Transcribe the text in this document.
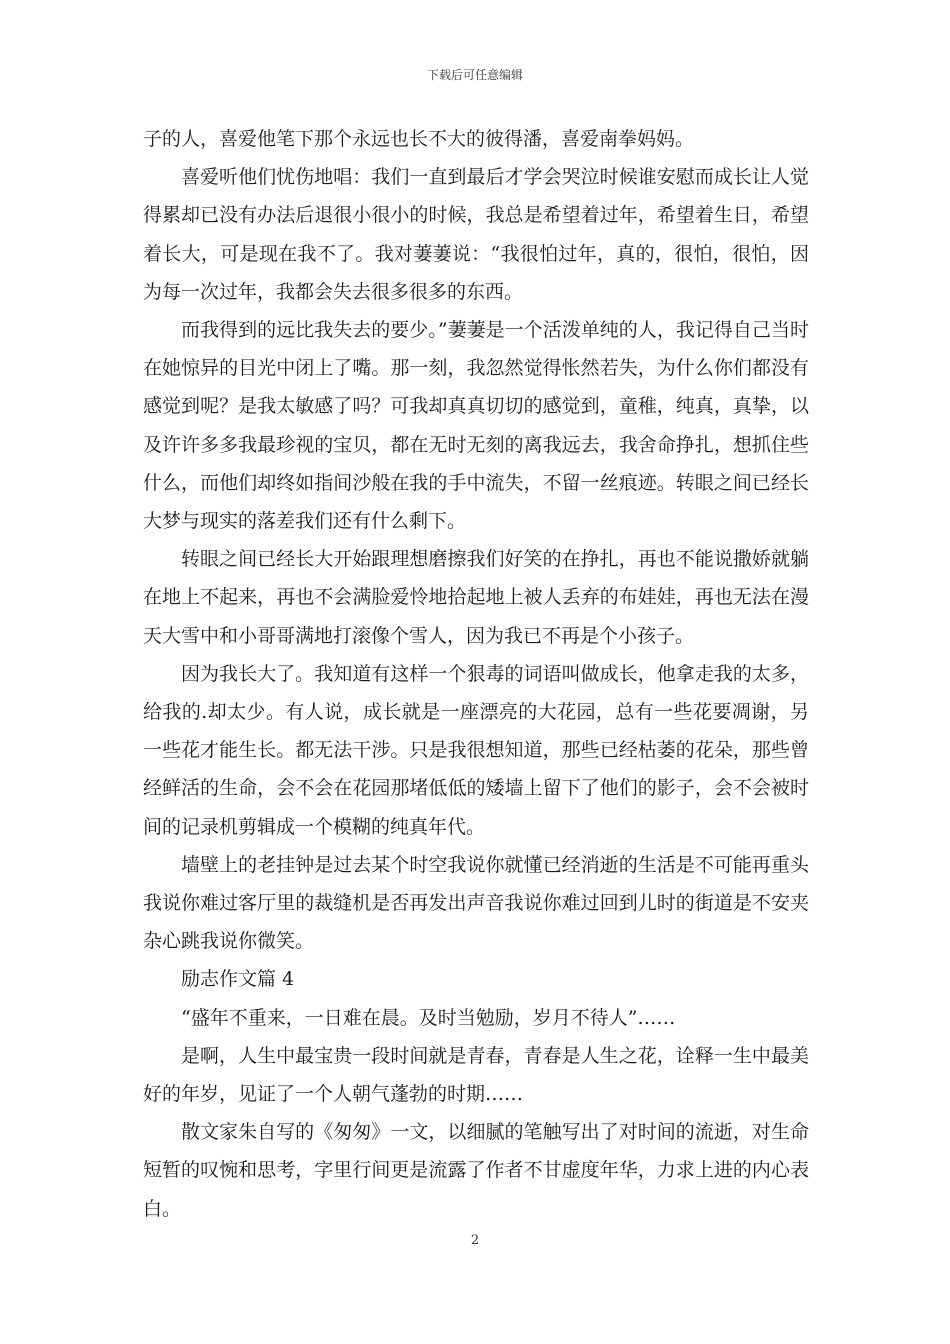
下载后可任意编辑

子的人，喜爱他笔下那个永远也长不大的彼得潘，喜爱南拳妈妈。

喜爱听他们忧伤地唱：我们一直到最后才学会哭泣时候谁安慰而成长让人觉得累却已没有办法后退很小很小的时候，我总是希望着过年，希望着生日，希望着长大，可是现在我不了。我对萋萋说：“我很怕过年，真的，很怕，很怕，因为每一次过年，我都会失去很多很多的东西。

而我得到的远比我失去的要少。”萋萋是一个活泼单纯的人，我记得自己当时在她惊异的目光中闭上了嘴。那一刻，我忽然觉得怅然若失，为什么你们都没有感觉到呢？是我太敏感了吗？可我却真真切切的感觉到，童稚，纯真，真挚，以及许许多多我最珍视的宝贝，都在无时无刻的离我远去，我舍命挣扎，想抓住些什么，而他们却终如指间沙般在我的手中流失，不留一丝痕迹。转眼之间已经长大梦与现实的落差我们还有什么剩下。

转眼之间已经长大开始跟理想磨擦我们好笑的在挣扎，再也不能说撒娇就躺在地上不起来，再也不会满脸爱怜地拾起地上被人丢弃的布娃娃，再也无法在漫天大雪中和小哥哥满地打滚像个雪人，因为我已不再是个小孩子。

因为我长大了。我知道有这样一个狠毒的词语叫做成长，他拿走我的太多，给我的.却太少。有人说，成长就是一座漂亮的大花园，总有一些花要凋谢，另一些花才能生长。都无法干涉。只是我很想知道，那些已经枯萎的花朵，那些曾经鲜活的生命，会不会在花园那堵低低的矮墙上留下了他们的影子，会不会被时间的记录机剪辑成一个模糊的纯真年代。

墙壁上的老挂钟是过去某个时空我说你就懂已经消逝的生活是不可能再重头我说你难过客厅里的裁缝机是否再发出声音我说你难过回到儿时的街道是不安夹杂心跳我说你微笑。

励志作文篇 4

“盛年不重来，一日难在晨。及时当勉励，岁月不待人”……

是啊，人生中最宝贵一段时间就是青春，青春是人生之花，诠释一生中最美好的年岁，见证了一个人朝气蓬勃的时期……

散文家朱自写的《匆匆》一文，以细腻的笔触写出了对时间的流逝，对生命短暂的叹惋和思考，字里行间更是流露了作者不甘虚度年华，力求上进的内心表白。

2
